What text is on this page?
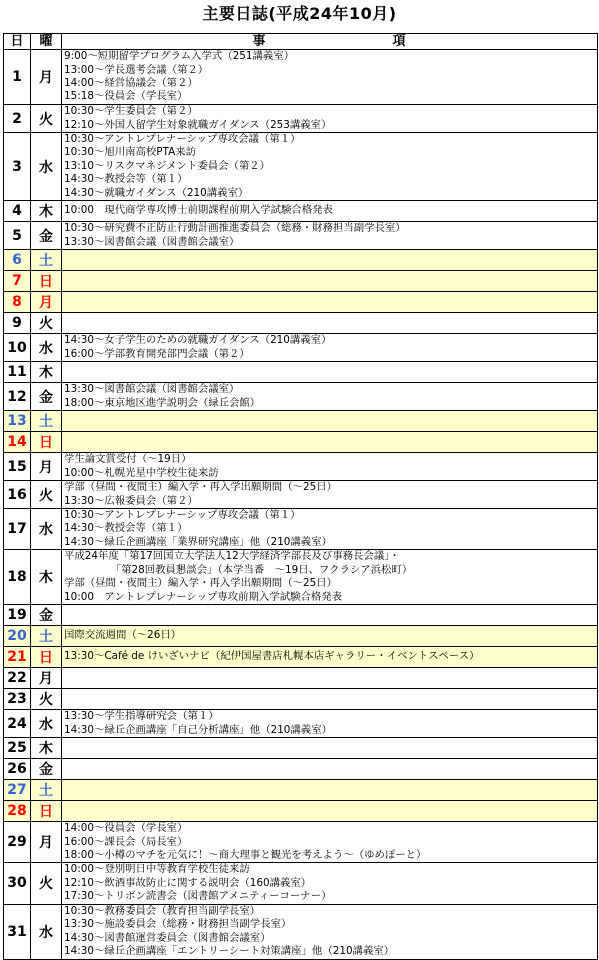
主要日誌(平成24年10月)
日	曜	事　　　　　　　　　項
1	月	9:00～短期留学プログラム入学式（251講義室）
13:00～学長選考会議（第２）
14:00～経営協議会（第２）
15:18～役員会（学長室）

2	火	10:30～学生委員会（第２）
12:10～外国人留学生対象就職ガイダンス（253講義室）

3	水	10:30～アントレプレナーシップ専攻会議（第１）
10:30～旭川南高校PTA来訪
13:10～リスクマネジメント委員会（第２）
14:30～教授会等（第１）
14:30～就職ガイダンス（210講義室）

4	木	10:00　現代商学専攻博士前期課程前期入学試験合格発表

5	金	10:30～研究費不正防止行動計画推進委員会（総務・財務担当副学長室）
13:30～図書館会議（図書館会議室）

6	土	
7	日	
8	月	
9	火	
10	水	14:30～女子学生のための就職ガイダンス（210講義室）
16:00～学部教育開発部門会議（第２）

11	木	
12	金	13:30～図書館会議（図書館会議室）
18:00～東京地区進学説明会（緑丘会館）

13	土	
14	日	
15	月	学生論文賞受付（～19日）
10:00～札幌光星中学校生徒来訪

16	火	学部（昼間・夜間主）編入学・再入学出願期間（～25日）
13:30～広報委員会（第２）

17	水	10:30～アントレプレナーシップ専攻会議（第１）
14:30～教授会等（第１）
14:30～緑丘企画講座「業界研究講座」他（210講義室）

18	木	平成24年度「第17回国立大学法人12大学経済学部長及び事務長会議」・
　　　　　「第28回教員懇談会」（本学当番　～19日、フクラシア浜松町）
学部（昼間・夜間主）編入学・再入学出願期間（～25日）
10:00　アントレプレナーシップ専攻前期入学試験合格発表

19	金	
20	土	国際交流週間（～26日）

21	日	13:30～Café de けいざいナビ（紀伊国屋書店札幌本店ギャラリー・イベントスペース）

22	月	
23	火	
24	水	13:30～学生指導研究会（第１）
14:30～緑丘企画講座「自己分析講座」他（210講義室）

25	木	
26	金	
27	土	
28	日	
29	月	14:00～役員会（学長室）
16:00～課長会（局長室）
18:00～小樽のマチを元気に！～商大理事と観光を考えよう～（ゆめぽーと）

30	火	10:00～登別明日中等教育学校生徒来訪
12:10～飲酒事故防止に関する説明会（160講義室）
17:30～トリボン読書会（図書館アメニティーコーナー）

31	水	10:30～教務委員会（教育担当副学長室）
13:30～施設委員会（総務・財務担当副学長室）
14:30～図書館運営委員会（図書館会議室）
14:30～緑丘企画講座「エントリーシート対策講座」他（210講義室）
